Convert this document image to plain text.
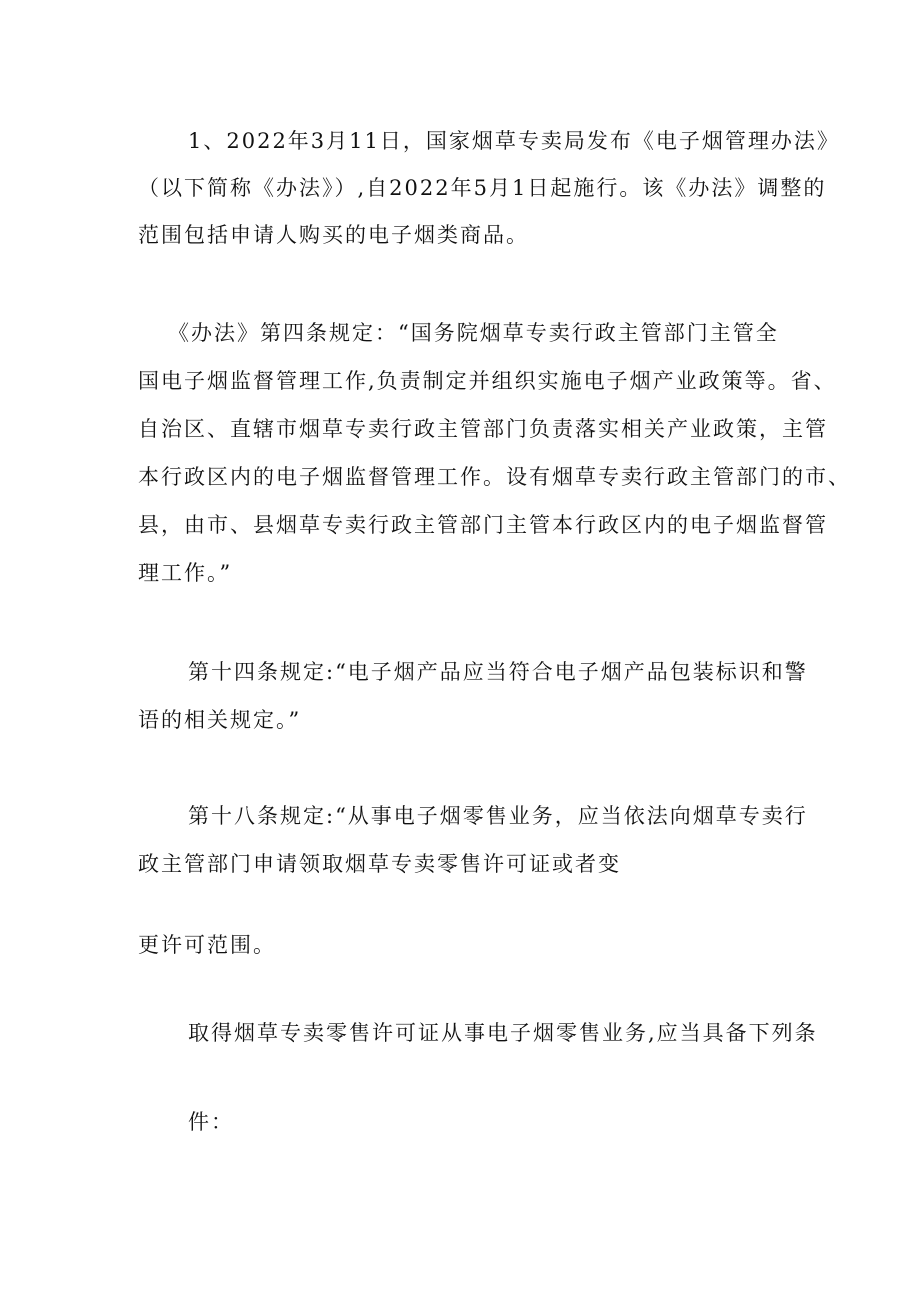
1、2022年3月11日，国家烟草专卖局发布《电子烟管理办法》
（以下简称《办法》）,自2022年5月1日起施行。该《办法》调整的
范围包括申请人购买的电子烟类商品。
《办法》第四条规定：“国务院烟草专卖行政主管部门主管全
国电子烟监督管理工作,负责制定并组织实施电子烟产业政策等。省、
自治区、直辖市烟草专卖行政主管部门负责落实相关产业政策，主管
本行政区内的电子烟监督管理工作。设有烟草专卖行政主管部门的市、
县，由市、县烟草专卖行政主管部门主管本行政区内的电子烟监督管
理工作。”
第十四条规定:“电子烟产品应当符合电子烟产品包装标识和警
语的相关规定。”
第十八条规定:“从事电子烟零售业务，应当依法向烟草专卖行
政主管部门申请领取烟草专卖零售许可证或者变
更许可范围。
取得烟草专卖零售许可证从事电子烟零售业务,应当具备下列条
件：
